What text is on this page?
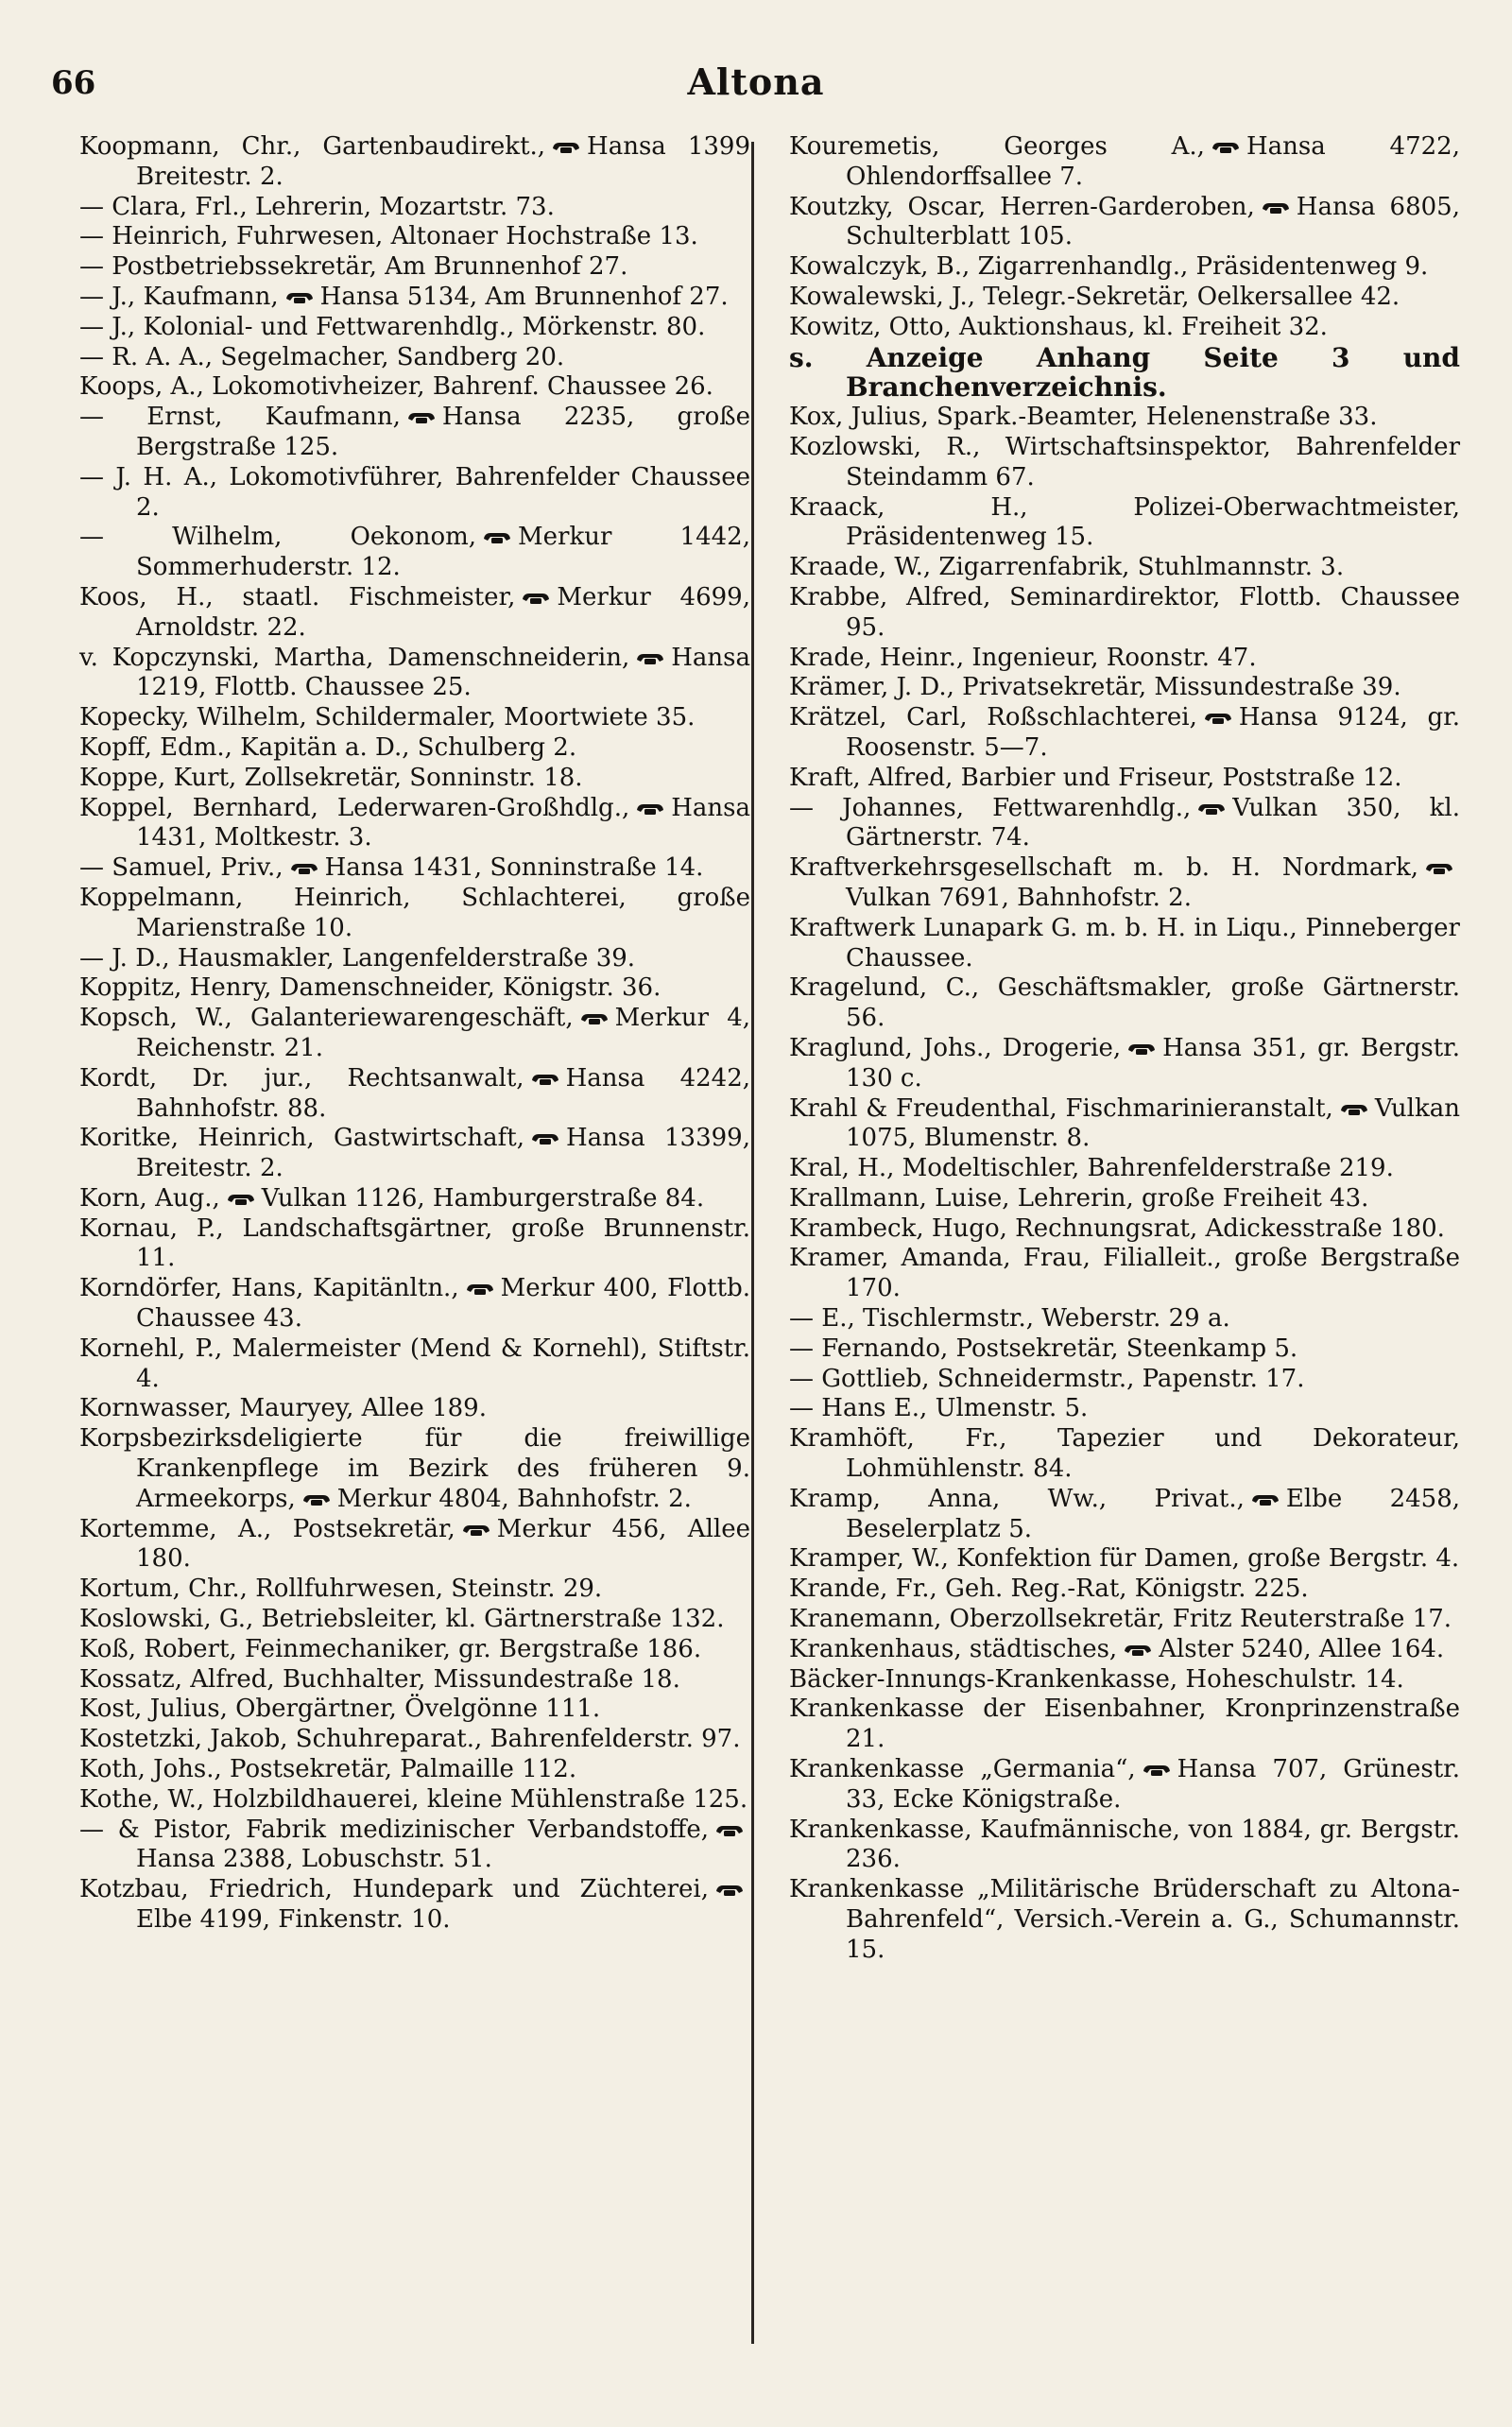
66	Altona

Koopmann, Chr., Gartenbaudirekt., Hansa 1399 Breitestr. 2.

— Clara, Frl., Lehrerin, Mozartstr. 73.

— Heinrich, Fuhrwesen, Altonaer Hochstraße 13.

— Postbetriebssekretär, Am Brunnenhof 27.

— J., Kaufmann, Hansa 5134, Am Brunnenhof 27.

— J., Kolonial- und Fettwarenhdlg., Mörkenstr. 80.

— R. A. A., Segelmacher, Sandberg 20.

Koops, A., Lokomotivheizer, Bahrenf. Chaussee 26.

— Ernst, Kaufmann, Hansa 2235, große Bergstraße 125.

— J. H. A., Lokomotivführer, Bahrenfelder Chaussee 2.

— Wilhelm, Oekonom, Merkur 1442, Sommerhuderstr. 12.

Koos, H., staatl. Fischmeister, Merkur 4699, Arnoldstr. 22.

v. Kopczynski, Martha, Damenschneiderin, Hansa 1219, Flottb. Chaussee 25.

Kopecky, Wilhelm, Schildermaler, Moortwiete 35.

Kopff, Edm., Kapitän a. D., Schulberg 2.

Koppe, Kurt, Zollsekretär, Sonninstr. 18.

Koppel, Bernhard, Lederwaren-Großhdlg., Hansa 1431, Moltkestr. 3.

— Samuel, Priv., Hansa 1431, Sonninstraße 14.

Koppelmann, Heinrich, Schlachterei, große Marienstraße 10.

— J. D., Hausmakler, Langenfelderstraße 39.

Koppitz, Henry, Damenschneider, Königstr. 36.

Kopsch, W., Galanteriewarengeschäft, Merkur 4, Reichenstr. 21.

Kordt, Dr. jur., Rechtsanwalt, Hansa 4242, Bahnhofstr. 88.

Koritke, Heinrich, Gastwirtschaft, Hansa 13399, Breitestr. 2.

Korn, Aug., Vulkan 1126, Hamburgerstraße 84.

Kornau, P., Landschaftsgärtner, große Brunnenstr. 11.

Korndörfer, Hans, Kapitänltn., Merkur 400, Flottb. Chaussee 43.

Kornehl, P., Malermeister (Mend & Kornehl), Stiftstr. 4.

Kornwasser, Mauryey, Allee 189.

Korpsbezirksdeligierte für die freiwillige Krankenpflege im Bezirk des früheren 9. Armeekorps, Merkur 4804, Bahnhofstr. 2.

Kortemme, A., Postsekretär, Merkur 456, Allee 180.

Kortum, Chr., Rollfuhrwesen, Steinstr. 29.

Koslowski, G., Betriebsleiter, kl. Gärtnerstraße 132.

Koß, Robert, Feinmechaniker, gr. Bergstraße 186.

Kossatz, Alfred, Buchhalter, Missundestraße 18.

Kost, Julius, Obergärtner, Övelgönne 111.

Kostetzki, Jakob, Schuhreparat., Bahrenfelderstr. 97.

Koth, Johs., Postsekretär, Palmaille 112.

Kothe, W., Holzbildhauerei, kleine Mühlenstraße 125.

— & Pistor, Fabrik medizinischer Verbandstoffe,
Hansa 2388, Lobuschstr. 51.

Kotzbau, Friedrich, Hundepark und Züchterei,
Elbe 4199, Finkenstr. 10.

Kouremetis, Georges A., Hansa 4722, Ohlendorffsallee 7.

Koutzky, Oscar, Herren-Garderoben, Hansa 6805, Schulterblatt 105.

Kowalczyk, B., Zigarrenhandlg., Präsidentenweg 9.

Kowalewski, J., Telegr.-Sekretär, Oelkersallee 42.

Kowitz, Otto, Auktionshaus, kl. Freiheit 32.

s. Anzeige Anhang Seite 3 und Branchenverzeichnis.

Kox, Julius, Spark.-Beamter, Helenenstraße 33.

Kozlowski, R., Wirtschaftsinspektor, Bahrenfelder Steindamm 67.

Kraack, H., Polizei-Oberwachtmeister, Präsidentenweg 15.

Kraade, W., Zigarrenfabrik, Stuhlmannstr. 3.

Krabbe, Alfred, Seminardirektor, Flottb. Chaussee 95.

Krade, Heinr., Ingenieur, Roonstr. 47.

Krämer, J. D., Privatsekretär, Missundestraße 39.

Krätzel, Carl, Roßschlachterei, Hansa 9124, gr. Roosenstr. 5—7.

Kraft, Alfred, Barbier und Friseur, Poststraße 12.

— Johannes, Fettwarenhdlg., Vulkan 350, kl. Gärtnerstr. 74.

Kraftverkehrsgesellschaft m. b. H. Nordmark,
Vulkan 7691, Bahnhofstr. 2.

Kraftwerk Lunapark G. m. b. H. in Liqu., Pinneberger Chaussee.

Kragelund, C., Geschäftsmakler, große Gärtnerstr. 56.

Kraglund, Johs., Drogerie, Hansa 351, gr. Bergstr. 130 c.

Krahl & Freudenthal, Fischmarinieranstalt, Vulkan 1075, Blumenstr. 8.

Kral, H., Modeltischler, Bahrenfelderstraße 219.

Krallmann, Luise, Lehrerin, große Freiheit 43.

Krambeck, Hugo, Rechnungsrat, Adickesstraße 180.

Kramer, Amanda, Frau, Filialleit., große Bergstraße 170.

— E., Tischlermstr., Weberstr. 29 a.

— Fernando, Postsekretär, Steenkamp 5.

— Gottlieb, Schneidermstr., Papenstr. 17.

— Hans E., Ulmenstr. 5.

Kramhöft, Fr., Tapezier und Dekorateur, Lohmühlenstr. 84.

Kramp, Anna, Ww., Privat., Elbe 2458, Beselerplatz 5.

Kramper, W., Konfektion für Damen, große Bergstr. 4.

Krande, Fr., Geh. Reg.-Rat, Königstr. 225.

Kranemann, Oberzollsekretär, Fritz Reuterstraße 17.

Krankenhaus, städtisches, Alster 5240, Allee 164.

Bäcker-Innungs-Krankenkasse, Hoheschulstr. 14.

Krankenkasse der Eisenbahner, Kronprinzenstraße 21.

Krankenkasse „Germania“, Hansa 707, Grünestr. 33, Ecke Königstraße.

Krankenkasse, Kaufmännische, von 1884, gr. Bergstr. 236.

Krankenkasse „Militärische Brüderschaft zu Altona-Bahrenfeld“, Versich.-Verein a. G., Schumannstr. 15.
